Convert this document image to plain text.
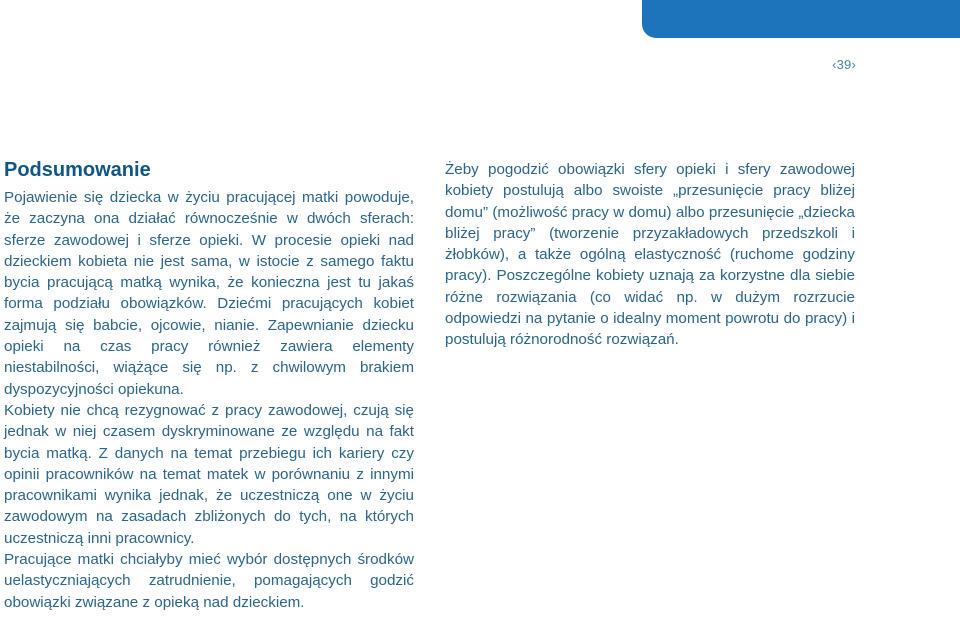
‹39›
Podsumowanie

Pojawienie się dziecka w życiu pracującej matki powoduje, że zaczyna ona działać równocześnie w dwóch sferach: sferze zawodowej i sferze opieki. W procesie opieki nad dzieckiem kobieta nie jest sama, w istocie z samego faktu bycia pracującą matką wynika, że konieczna jest tu jakaś forma podziału obowiązków. Dziećmi pracujących kobiet zajmują się babcie, ojcowie, nianie. Zapewnianie dziecku opieki na czas pracy również zawiera elementy niestabilności, wiążące się np. z chwilowym brakiem dyspozycyjności opiekuna.

Kobiety nie chcą rezygnować z pracy zawodowej, czują się jednak w niej czasem dyskryminowane ze względu na fakt bycia matką. Z danych na temat przebiegu ich kariery czy opinii pracowników na temat matek w porównaniu z innymi pracownikami wynika jednak, że uczestniczą one w życiu zawodowym na zasadach zbliżonych do tych, na których uczestniczą inni pracownicy.

Pracujące matki chciałyby mieć wybór dostępnych środków uelastyczniających zatrudnienie, pomagających godzić obowiązki związane z opieką nad dzieckiem.

Żeby pogodzić obowiązki sfery opieki i sfery zawodowej kobiety postulują albo swoiste „przesunięcie pracy bliżej domu” (możliwość pracy w domu) albo przesunięcie „dziecka bliżej pracy” (tworzenie przyzakładowych przedszkoli i żłobków), a także ogólną elastyczność (ruchome godziny pracy). Poszczególne kobiety uznają za korzystne dla siebie różne rozwiązania (co widać np. w dużym rozrzucie odpowiedzi na pytanie o idealny moment powrotu do pracy) i postulują różnorodność rozwiązań.
